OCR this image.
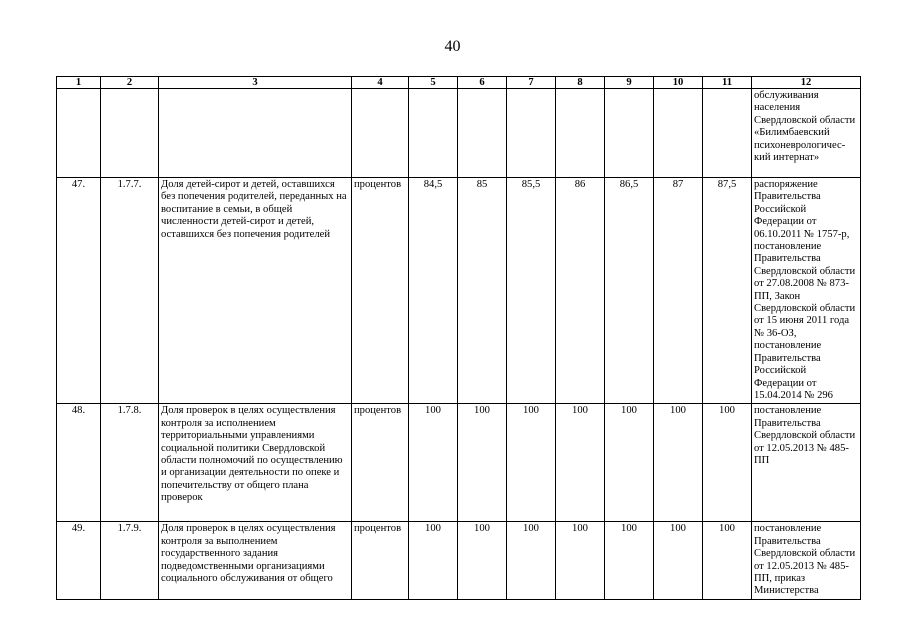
40
1	2	3	4	5	6	7	8	9	10	11	12
											обслуживания населения Свердловской области «Билимбаевский психоневрологичес-кий интернат»
47.	1.7.7.	Доля детей-сирот и детей, оставшихся без попечения родителей, переданных на воспитание в семьи, в общей численности детей-сирот и детей, оставшихся без попечения родителей	процентов	84,5	85	85,5	86	86,5	87	87,5	распоряжение Правительства Российской Федерации от 06.10.2011 № 1757-р, постановление Правительства Свердловской области от 27.08.2008 № 873-ПП, Закон Свердловской области от 15 июня 2011 года № 36-ОЗ, постановление Правительства Российской Федерации от 15.04.2014 № 296
48.	1.7.8.	Доля проверок в целях осуществления контроля за исполнением территориальными управлениями социальной политики Свердловской области полномочий по осуществлению и организации деятельности по опеке и попечительству от общего плана проверок	процентов	100	100	100	100	100	100	100	постановление Правительства Свердловской области от 12.05.2013 № 485-ПП
49.	1.7.9.	Доля проверок в целях осуществления контроля за выполнением государственного задания подведомственными организациями социального обслуживания от общего	процентов	100	100	100	100	100	100	100	постановление Правительства Свердловской области от 12.05.2013 № 485-ПП, приказ Министерства
